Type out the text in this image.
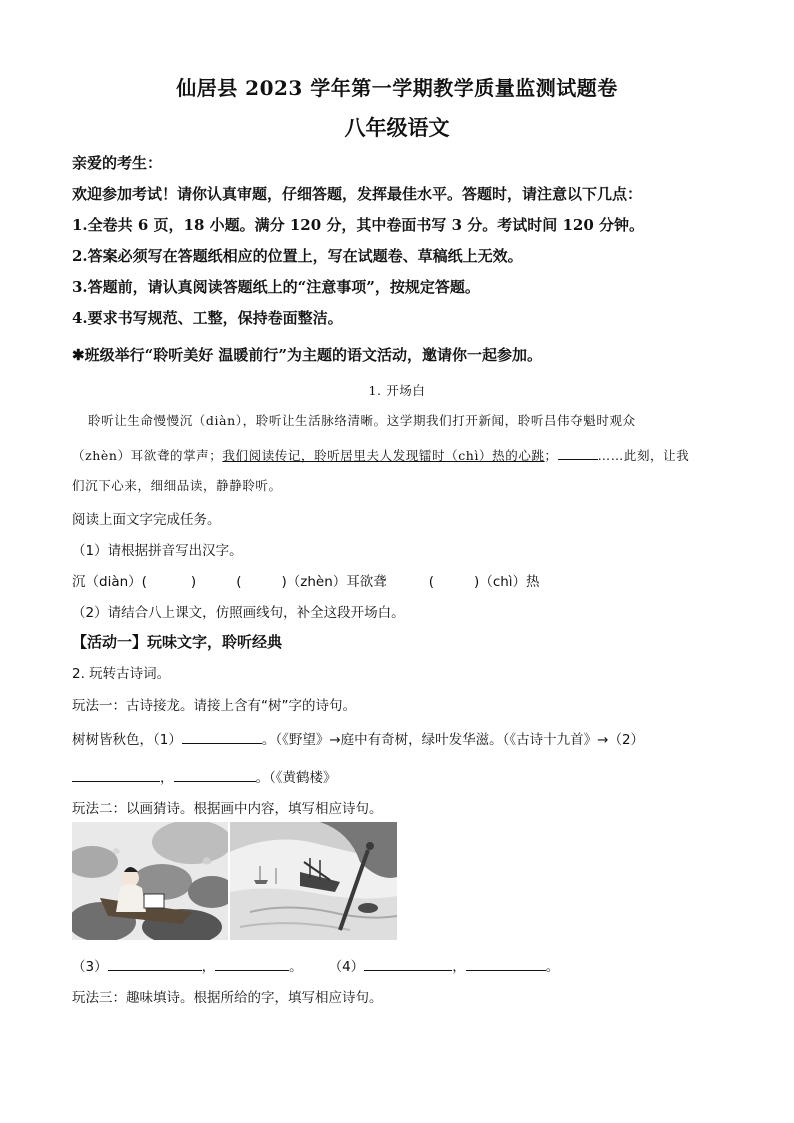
仙居县 2023 学年第一学期教学质量监测试题卷
八年级语文
亲爱的考生：
欢迎参加考试！请你认真审题，仔细答题，发挥最佳水平。答题时，请注意以下几点：
1.全卷共 6 页，18 小题。满分 120 分，其中卷面书写 3 分。考试时间 120 分钟。
2.答案必须写在答题纸相应的位置上，写在试题卷、草稿纸上无效。
3.答题前，请认真阅读答题纸上的“注意事项”，按规定答题。
4.要求书写规范、工整，保持卷面整洁。
✱班级举行“聆听美好 温暖前行”为主题的语文活动，邀请你一起参加。
1. 开场白
聆听让生命慢慢沉（diàn），聆听让生活脉络清晰。这学期我们打开新闻，聆听吕伟夺魁时观众
（zhèn）耳欲聋的掌声；我们阅读传记，聆听居里夫人发现镭时（chì）热的心跳；	……此刻，让我
们沉下心来，细细品读，静静聆听。
阅读上面文字完成任务。
（1）请根据拼音写出汉字。
沉（diàn）(	)	(	)（zhèn）耳欲聋	(	)（chì）热
（2）请结合八上课文，仿照画线句，补全这段开场白。
【活动一】玩味文字，聆听经典
2. 玩转古诗词。
玩法一：古诗接龙。请接上含有“树”字的诗句。
树树皆秋色，（1）	。（《野望》→庭中有奇树，绿叶发华滋。（《古诗十九首》→（2）
，	。（《黄鹤楼》
玩法二：以画猜诗。根据画中内容，填写相应诗句。
（3）	，	。 （4）	，	。
玩法三：趣味填诗。根据所给的字，填写相应诗句。
